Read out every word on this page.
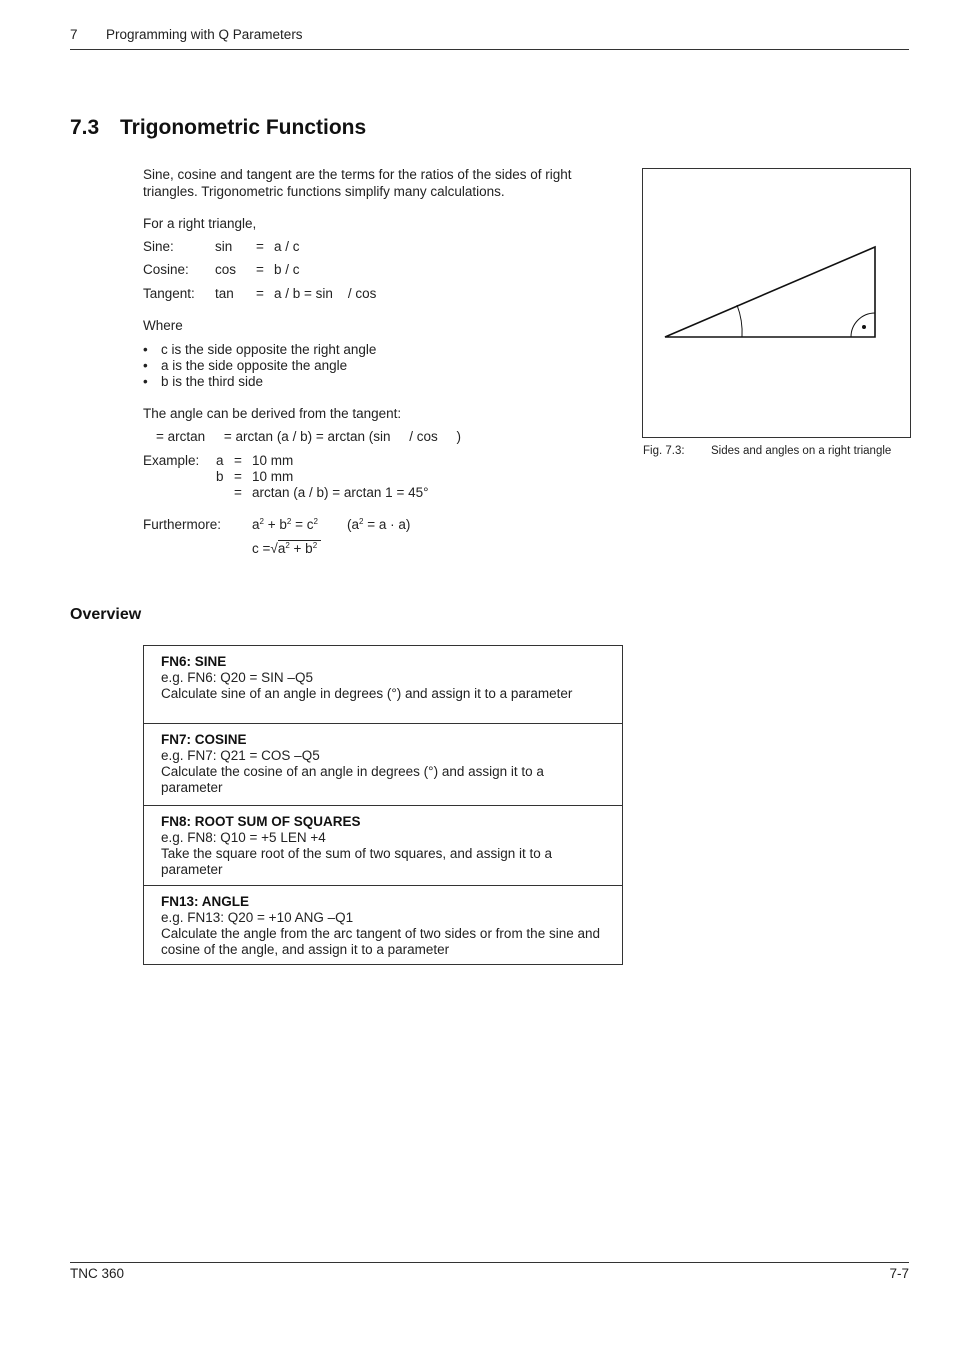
7 Programming with Q Parameters
7.3 Trigonometric Functions
Sine, cosine and tangent are the terms for the ratios of the sides of right triangles. Trigonometric functions simplify many calculations.
For a right triangle,
Sine:	sin = a / c
Cosine: cos = b / c
Tangent: tan = a / b = sin    / cos
Where
• c is the side opposite the right angle
• a is the side opposite the angle
• b is the third side
The angle can be derived from the tangent:
= arctan     = arctan (a / b) = arctan (sin     / cos     )
Example: a = 10 mm
b = 10 mm
= arctan (a / b) = arctan 1 = 45°
Furthermore: $a^2 + b^2 = c^2$ $(a^2 = a \cdot a)$
$c =√a^2 + b^2$
Overview
FN6: SINE
e.g. FN6: Q20 = SIN –Q5
Calculate sine of an angle in degrees (°) and assign it to a parameter
FN7: COSINE
e.g. FN7: Q21 = COS –Q5
Calculate the cosine of an angle in degrees (°) and assign it to a parameter
FN8: ROOT SUM OF SQUARES
e.g. FN8: Q10 = +5 LEN +4
Take the square root of the sum of two squares, and assign it to a parameter
FN13: ANGLE
e.g. FN13: Q20 = +10 ANG –Q1
Calculate the angle from the arc tangent of two sides or from the sine and cosine of the angle, and assign it to a parameter
Fig. 7.3: Sides and angles on a right triangle
TNC 360	7-7
